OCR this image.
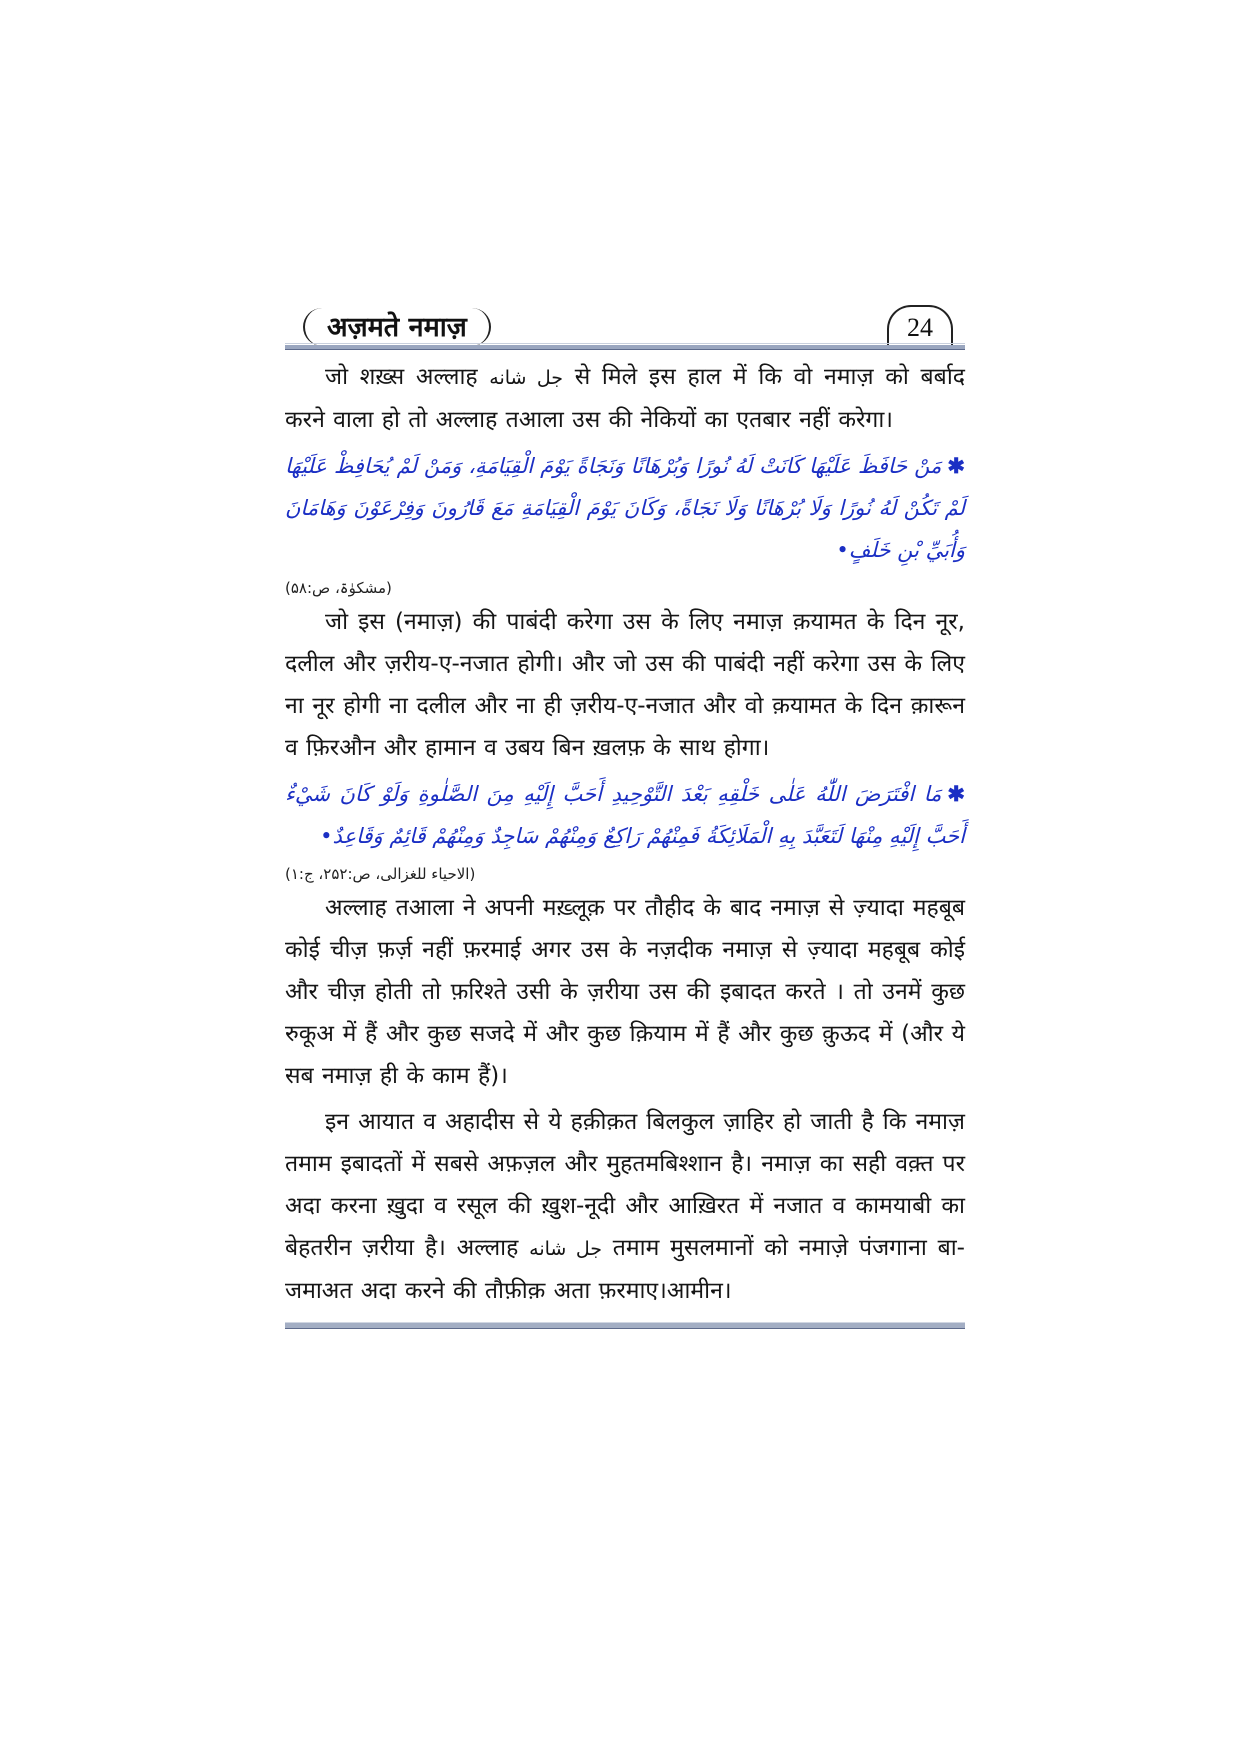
अज़मते नमाज़	24

जो शख़्स अल्लाह جل شانه से मिले इस हाल में कि वो नमाज़ को बर्बाद करने वाला हो तो अल्लाह तआला उस की नेकियों का एतबार नहीं करेगा।

✱مَنْ حَافَظَ عَلَيْهَا كَانَتْ لَهُ نُورًا وَبُرْهَانًا وَنَجَاةً يَوْمَ الْقِيَامَةِ، وَمَنْ لَمْ يُحَافِظْ عَلَيْهَا لَمْ تَكُنْ لَهُ نُورًا وَلَا بُرْهَانًا وَلَا نَجَاةً، وَكَانَ يَوْمَ الْقِيَامَةِ مَعَ قَارُونَ وَفِرْعَوْنَ وَهَامَانَ وَأُبَيِّ بْنِ خَلَفٍ•

(مشکوٰۃ، ص:۵۸)

जो इस (नमाज़) की पाबंदी करेगा उस के लिए नमाज़ क़यामत के दिन नूर, दलील और ज़रीय-ए-नजात होगी। और जो उस की पाबंदी नहीं करेगा उस के लिए ना नूर होगी ना दलील और ना ही ज़रीय-ए-नजात और वो क़यामत के दिन क़ारून व फ़िरऔन और हामान व उबय बिन ख़लफ़ के साथ होगा।

✱مَا افْتَرَضَ اللّٰهُ عَلٰى خَلْقِهِ بَعْدَ التَّوْحِيدِ أَحَبَّ إِلَيْهِ مِنَ الصَّلٰوةِ وَلَوْ كَانَ شَيْءٌ أَحَبَّ إِلَيْهِ مِنْهَا لَتَعَبَّدَ بِهِ الْمَلَائِكَةُ فَمِنْهُمْ رَاكِعٌ وَمِنْهُمْ سَاجِدٌ وَمِنْهُمْ قَائِمٌ وَقَاعِدٌ•

(الاحیاء للغزالی، ص:۲۵۲، ج:۱)

अल्लाह तआला ने अपनी मख़्लूक़ पर तौहीद के बाद नमाज़ से ज़्यादा महबूब कोई चीज़ फ़र्ज़ नहीं फ़रमाई अगर उस के नज़दीक नमाज़ से ज़्यादा महबूब कोई और चीज़ होती तो फ़रिश्ते उसी के ज़रीया उस की इबादत करते । तो उनमें कुछ रुकूअ में हैं और कुछ सजदे में और कुछ क़ियाम में हैं और कुछ क़ुऊद में (और ये सब नमाज़ ही के काम हैं)।

इन आयात व अहादीस से ये हक़ीक़त बिलकुल ज़ाहिर हो जाती है कि नमाज़ तमाम इबादतों में सबसे अफ़ज़ल और मुहतमबिश्शान है। नमाज़ का सही वक़्त पर अदा करना ख़ुदा व रसूल की ख़ुश-नूदी और आख़िरत में नजात व कामयाबी का बेहतरीन ज़रीया है। अल्लाह جل شانه तमाम मुसलमानों को नमाज़े पंजगाना बा-जमाअत अदा करने की तौफ़ीक़ अता फ़रमाए।आमीन।
